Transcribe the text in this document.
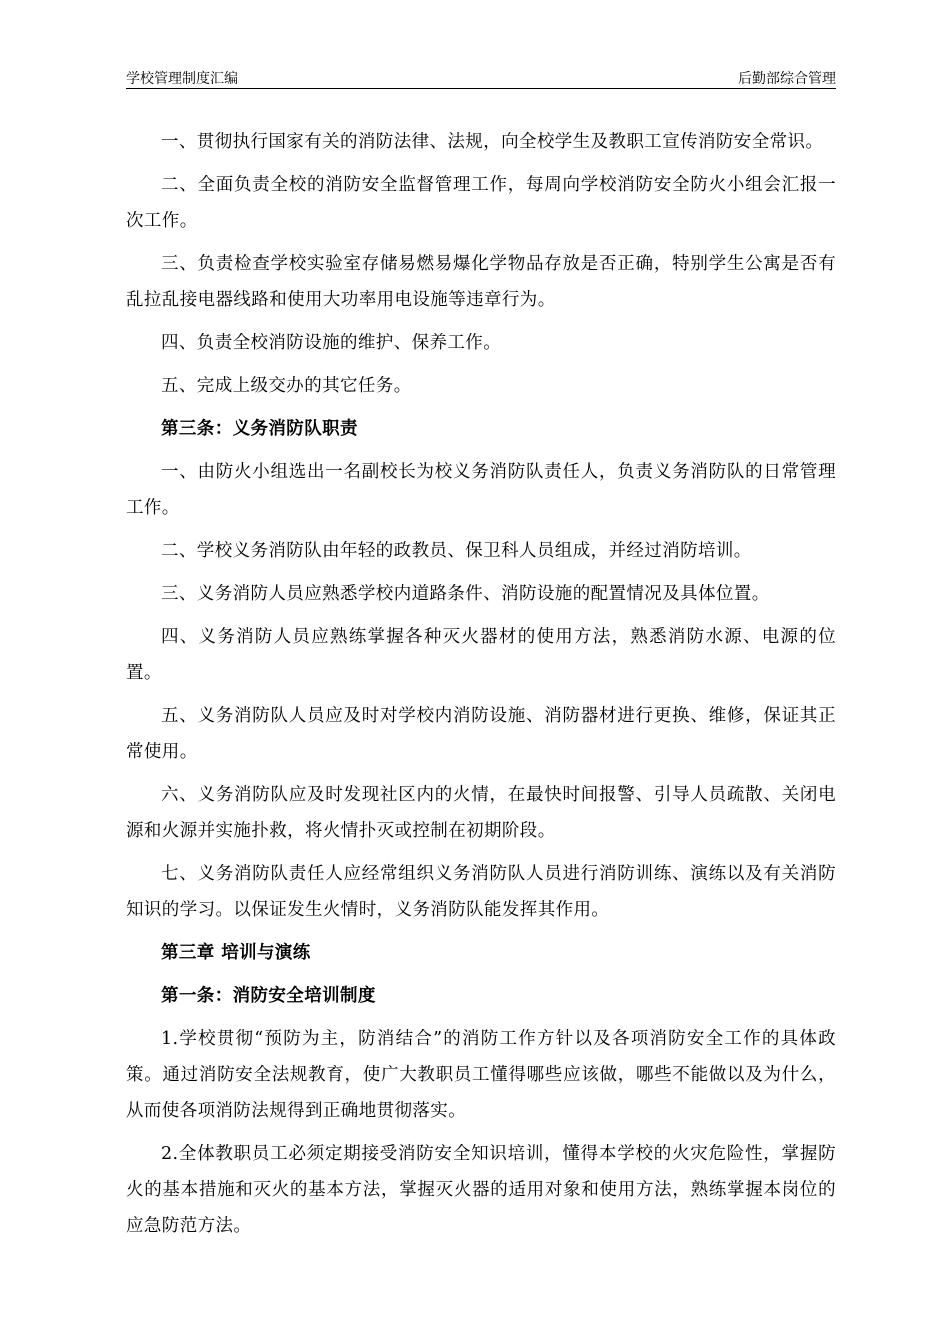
学校管理制度汇编	后勤部综合管理

一、贯彻执行国家有关的消防法律、法规，向全校学生及教职工宣传消防安全常识。

二、全面负责全校的消防安全监督管理工作，每周向学校消防安全防火小组会汇报一次工作。

三、负责检查学校实验室存储易燃易爆化学物品存放是否正确，特别学生公寓是否有乱拉乱接电器线路和使用大功率用电设施等违章行为。

四、负责全校消防设施的维护、保养工作。

五、完成上级交办的其它任务。

第三条：义务消防队职责

一、由防火小组选出一名副校长为校义务消防队责任人，负责义务消防队的日常管理工作。

二、学校义务消防队由年轻的政教员、保卫科人员组成，并经过消防培训。

三、义务消防人员应熟悉学校内道路条件、消防设施的配置情况及具体位置。

四、义务消防人员应熟练掌握各种灭火器材的使用方法，熟悉消防水源、电源的位置。

五、义务消防队人员应及时对学校内消防设施、消防器材进行更换、维修，保证其正常使用。

六、义务消防队应及时发现社区内的火情，在最快时间报警、引导人员疏散、关闭电源和火源并实施扑救，将火情扑灭或控制在初期阶段。

七、义务消防队责任人应经常组织义务消防队人员进行消防训练、演练以及有关消防知识的学习。以保证发生火情时，义务消防队能发挥其作用。

第三章 培训与演练

第一条：消防安全培训制度

1.学校贯彻“预防为主，防消结合”的消防工作方针以及各项消防安全工作的具体政策。通过消防安全法规教育，使广大教职员工懂得哪些应该做，哪些不能做以及为什么，从而使各项消防法规得到正确地贯彻落实。

2.全体教职员工必须定期接受消防安全知识培训，懂得本学校的火灾危险性，掌握防火的基本措施和灭火的基本方法，掌握灭火器的适用对象和使用方法，熟练掌握本岗位的应急防范方法。
